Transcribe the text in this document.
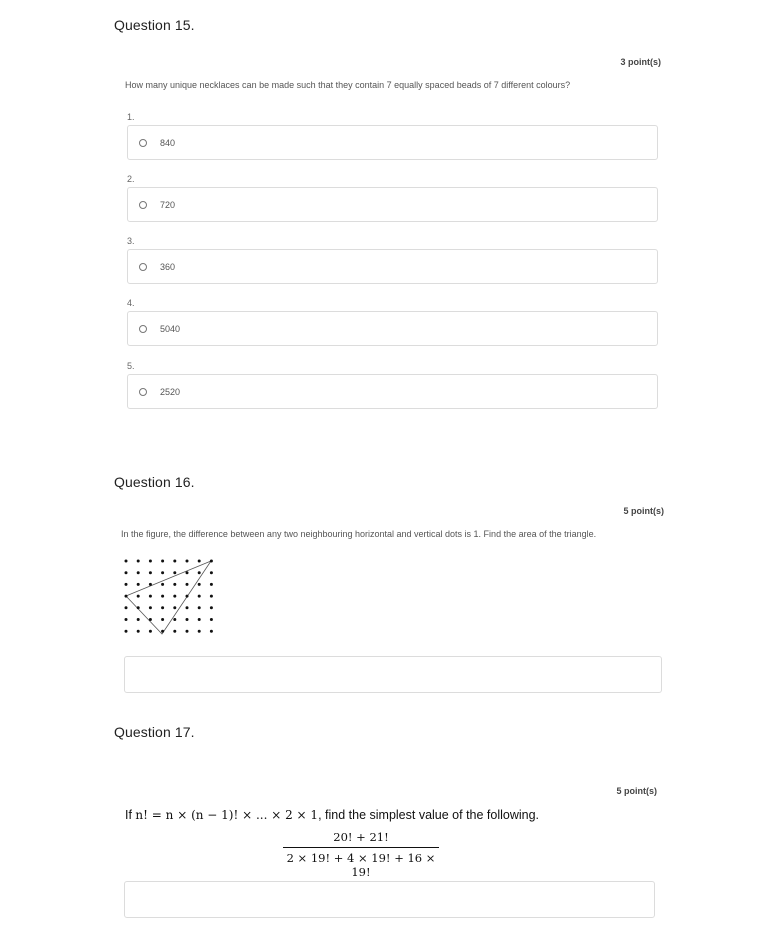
Question 15.
3 point(s)
How many unique necklaces can be made such that they contain 7 equally spaced beads of 7 different colours?
1.
840
2.
720
3.
360
4.
5040
5.
2520
Question 16.
5 point(s)
In the figure, the difference between any two neighbouring horizontal and vertical dots is 1. Find the area of the triangle.
Question 17.
5 point(s)
If n! = n × (n − 1)! × ... × 2 × 1, find the simplest value of the following.
$\frac{20! + 21!}{2 \times 19! + 4 \times 19! + 16 \times 19!}$
